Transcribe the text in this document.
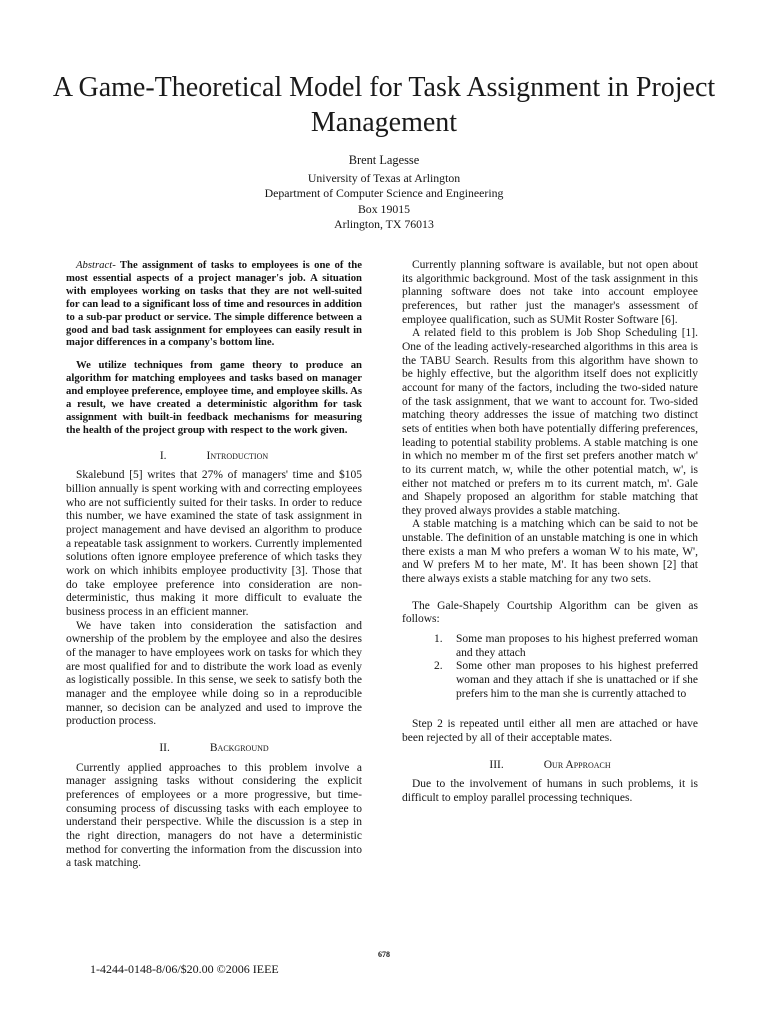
A Game-Theoretical Model for Task Assignment in Project Management
Brent Lagesse
University of Texas at Arlington
Department of Computer Science and Engineering
Box 19015
Arlington, TX 76013

Abstract- The assignment of tasks to employees is one of the most essential aspects of a project manager's job. A situation with employees working on tasks that they are not well-suited for can lead to a significant loss of time and resources in addition to a sub-par product or service. The simple difference between a good and bad task assignment for employees can easily result in major differences in a company's bottom line.

We utilize techniques from game theory to produce an algorithm for matching employees and tasks based on manager and employee preference, employee time, and employee skills. As a result, we have created a deterministic algorithm for task assignment with built-in feedback mechanisms for measuring the health of the project group with respect to the work given.

I.	Introduction

Skalebund [5] writes that 27% of managers' time and $105 billion annually is spent working with and correcting employees who are not sufficiently suited for their tasks. In order to reduce this number, we have examined the state of task assignment in project management and have devised an algorithm to produce a repeatable task assignment to workers. Currently implemented solutions often ignore employee preference of which tasks they work on which inhibits employee productivity [3]. Those that do take employee preference into consideration are non-deterministic, thus making it more difficult to evaluate the business process in an efficient manner.

We have taken into consideration the satisfaction and ownership of the problem by the employee and also the desires of the manager to have employees work on tasks for which they are most qualified for and to distribute the work load as evenly as logistically possible. In this sense, we seek to satisfy both the manager and the employee while doing so in a reproducible manner, so decision can be analyzed and used to improve the production process.

II.	Background

Currently applied approaches to this problem involve a manager assigning tasks without considering the explicit preferences of employees or a more progressive, but time-consuming process of discussing tasks with each employee to understand their perspective. While the discussion is a step in the right direction, managers do not have a deterministic method for converting the information from the discussion into a task matching.

Currently planning software is available, but not open about its algorithmic background. Most of the task assignment in this planning software does not take into account employee preferences, but rather just the manager's assessment of employee qualification, such as SUMit Roster Software [6].

A related field to this problem is Job Shop Scheduling [1]. One of the leading actively-researched algorithms in this area is the TABU Search. Results from this algorithm have shown to be highly effective, but the algorithm itself does not explicitly account for many of the factors, including the two-sided nature of the task assignment, that we want to account for. Two-sided matching theory addresses the issue of matching two distinct sets of entities when both have potentially differing preferences, leading to potential stability problems. A stable matching is one in which no member m of the first set prefers another match w' to its current match, w, while the other potential match, w', is either not matched or prefers m to its current match, m'. Gale and Shapely proposed an algorithm for stable matching that they proved always provides a stable matching.

A stable matching is a matching which can be said to not be unstable. The definition of an unstable matching is one in which there exists a man M who prefers a woman W to his mate, W', and W prefers M to her mate, M'. It has been shown [2] that there always exists a stable matching for any two sets.

The Gale-Shapely Courtship Algorithm can be given as follows:

1. Some man proposes to his highest preferred woman and they attach
2. Some other man proposes to his highest preferred woman and they attach if she is unattached or if she prefers him to the man she is currently attached to

Step 2 is repeated until either all men are attached or have been rejected by all of their acceptable mates.

III.	Our Approach

Due to the involvement of humans in such problems, it is difficult to employ parallel processing techniques.

678
1-4244-0148-8/06/$20.00 ©2006 IEEE
